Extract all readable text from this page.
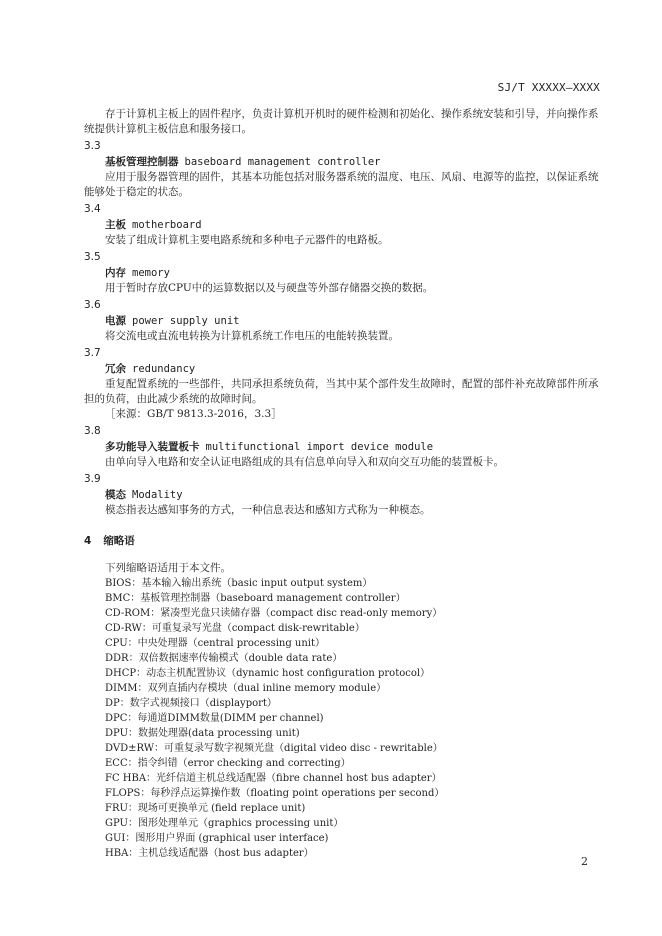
SJ/T XXXXX—XXXX

存于计算机主板上的固件程序，负责计算机开机时的硬件检测和初始化、操作系统安装和引导，并向操作系统提供计算机主板信息和服务接口。

3.3
基板管理控制器 baseboard management controller

应用于服务器管理的固件，其基本功能包括对服务器系统的温度、电压、风扇、电源等的监控，以保证系统能够处于稳定的状态。

3.4
主板 motherboard

安装了组成计算机主要电路系统和多种电子元器件的电路板。

3.5
内存 memory

用于暂时存放CPU中的运算数据以及与硬盘等外部存储器交换的数据。

3.6
电源 power supply unit

将交流电或直流电转换为计算机系统工作电压的电能转换装置。

3.7
冗余 redundancy

重复配置系统的一些部件，共同承担系统负荷，当其中某个部件发生故障时，配置的部件补充故障部件所承担的负荷，由此减少系统的故障时间。

［来源：GB/T 9813.3-2016，3.3］

3.8
多功能导入装置板卡 multifunctional import device module

由单向导入电路和安全认证电路组成的具有信息单向导入和双向交互功能的装置板卡。

3.9
模态 Modality

模态指表达感知事务的方式，一种信息表达和感知方式称为一种模态。

4 缩略语

下列缩略语适用于本文件。

BIOS：基本输入输出系统（basic input output system）
BMC：基板管理控制器（baseboard management controller）
CD-ROM：紧凑型光盘只读储存器（compact disc read-only memory）
CD-RW：可重复录写光盘（compact disk-rewritable）
CPU：中央处理器（central processing unit）
DDR：双倍数据速率传输模式（double data rate）
DHCP：动态主机配置协议（dynamic host configuration protocol）
DIMM：双列直插内存模块（dual inline memory module）
DP：数字式视频接口（displayport）
DPC：每通道DIMM数量(DIMM per channel)
DPU：数据处理器(data processing unit)
DVD±RW：可重复录写数字视频光盘（digital video disc - rewritable）
ECC：指令纠错（error checking and correcting）
FC HBA：光纤信道主机总线适配器（fibre channel host bus adapter）
FLOPS：每秒浮点运算操作数（floating point operations per second）
FRU：现场可更换单元 (field replace unit)
GPU：图形处理单元（graphics processing unit）
GUI：图形用户界面 (graphical user interface)
HBA：主机总线适配器（host bus adapter）
2
